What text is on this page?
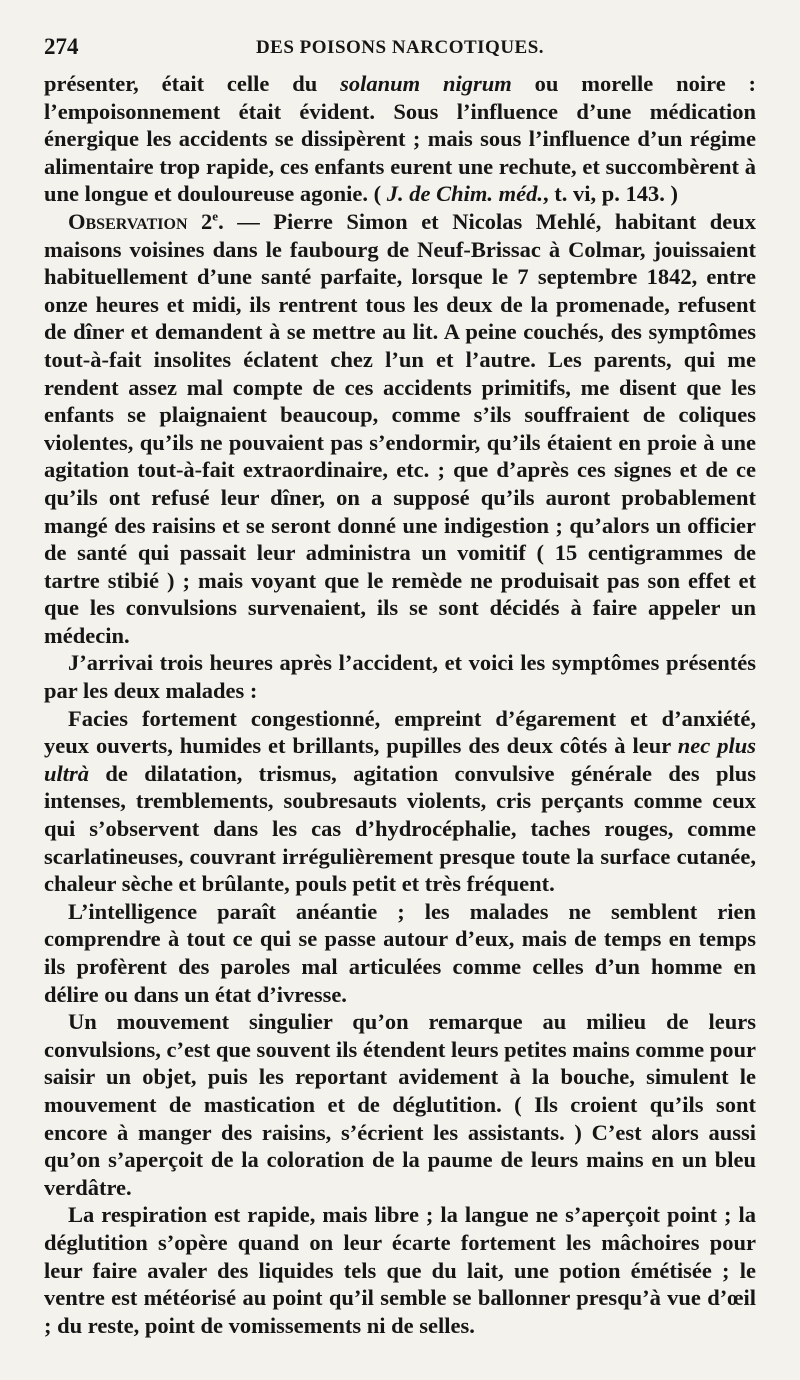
274	DES POISONS NARCOTIQUES.

présenter, était celle du solanum nigrum ou morelle noire : l’empoisonnement était évident. Sous l’influence d’une médication énergique les accidents se dissipèrent ; mais sous l’influence d’un régime alimentaire trop rapide, ces enfants eurent une rechute, et succombèrent à une longue et douloureuse agonie. ( J. de Chim. méd., t. vi, p. 143. )

Observation 2e. — Pierre Simon et Nicolas Mehlé, habitant deux maisons voisines dans le faubourg de Neuf-Brissac à Colmar, jouissaient habituellement d’une santé parfaite, lorsque le 7 septembre 1842, entre onze heures et midi, ils rentrent tous les deux de la promenade, refusent de dîner et demandent à se mettre au lit. A peine couchés, des symptômes tout-à-fait insolites éclatent chez l’un et l’autre. Les parents, qui me rendent assez mal compte de ces accidents primitifs, me disent que les enfants se plaignaient beaucoup, comme s’ils souffraient de coliques violentes, qu’ils ne pouvaient pas s’endormir, qu’ils étaient en proie à une agitation tout-à-fait extraordinaire, etc. ; que d’après ces signes et de ce qu’ils ont refusé leur dîner, on a supposé qu’ils auront probablement mangé des raisins et se seront donné une indigestion ; qu’alors un officier de santé qui passait leur administra un vomitif ( 15 centigrammes de tartre stibié ) ; mais voyant que le remède ne produisait pas son effet et que les convulsions survenaient, ils se sont décidés à faire appeler un médecin.

J’arrivai trois heures après l’accident, et voici les symptômes présentés par les deux malades :

Facies fortement congestionné, empreint d’égarement et d’anxiété, yeux ouverts, humides et brillants, pupilles des deux côtés à leur nec plus ultrà de dilatation, trismus, agitation convulsive générale des plus intenses, tremblements, soubresauts violents, cris perçants comme ceux qui s’observent dans les cas d’hydrocéphalie, taches rouges, comme scarlatineuses, couvrant irrégulièrement presque toute la surface cutanée, chaleur sèche et brûlante, pouls petit et très fréquent.

L’intelligence paraît anéantie ; les malades ne semblent rien comprendre à tout ce qui se passe autour d’eux, mais de temps en temps ils profèrent des paroles mal articulées comme celles d’un homme en délire ou dans un état d’ivresse.

Un mouvement singulier qu’on remarque au milieu de leurs convulsions, c’est que souvent ils étendent leurs petites mains comme pour saisir un objet, puis les reportant avidement à la bouche, simulent le mouvement de mastication et de déglutition. ( Ils croient qu’ils sont encore à manger des raisins, s’écrient les assistants. ) C’est alors aussi qu’on s’aperçoit de la coloration de la paume de leurs mains en un bleu verdâtre.

La respiration est rapide, mais libre ; la langue ne s’aperçoit point ; la déglutition s’opère quand on leur écarte fortement les mâchoires pour leur faire avaler des liquides tels que du lait, une potion émétisée ; le ventre est météorisé au point qu’il semble se ballonner presqu’à vue d’œil ; du reste, point de vomissements ni de selles.
